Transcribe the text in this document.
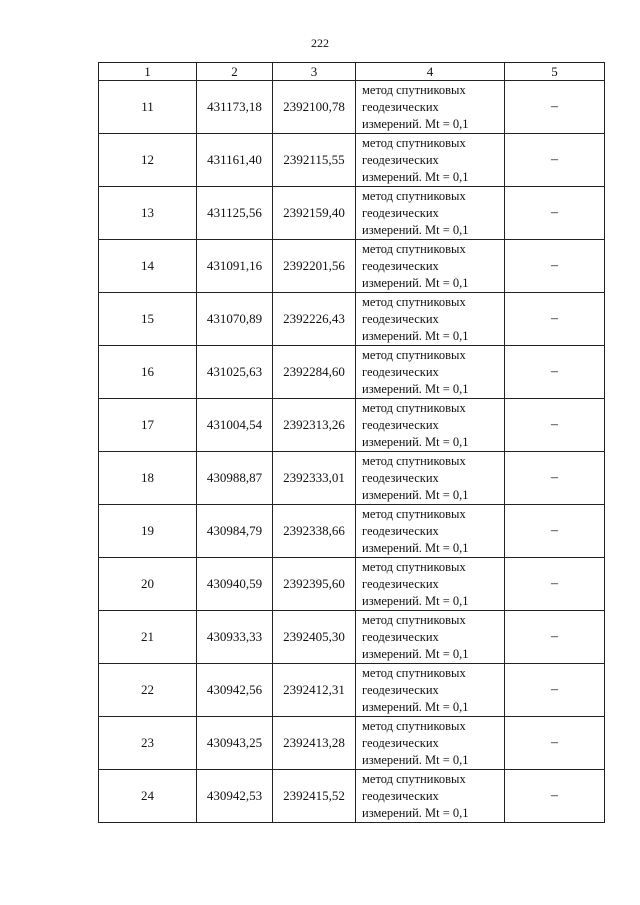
222
1	2	3	4	5
11	431173,18	2392100,78	метод спутниковых
геодезических
измерений. Mt = 0,1	–
12	431161,40	2392115,55	метод спутниковых
геодезических
измерений. Mt = 0,1	–
13	431125,56	2392159,40	метод спутниковых
геодезических
измерений. Mt = 0,1	–
14	431091,16	2392201,56	метод спутниковых
геодезических
измерений. Mt = 0,1	–
15	431070,89	2392226,43	метод спутниковых
геодезических
измерений. Mt = 0,1	–
16	431025,63	2392284,60	метод спутниковых
геодезических
измерений. Mt = 0,1	–
17	431004,54	2392313,26	метод спутниковых
геодезических
измерений. Mt = 0,1	–
18	430988,87	2392333,01	метод спутниковых
геодезических
измерений. Mt = 0,1	–
19	430984,79	2392338,66	метод спутниковых
геодезических
измерений. Mt = 0,1	–
20	430940,59	2392395,60	метод спутниковых
геодезических
измерений. Mt = 0,1	–
21	430933,33	2392405,30	метод спутниковых
геодезических
измерений. Mt = 0,1	–
22	430942,56	2392412,31	метод спутниковых
геодезических
измерений. Mt = 0,1	–
23	430943,25	2392413,28	метод спутниковых
геодезических
измерений. Mt = 0,1	–
24	430942,53	2392415,52	метод спутниковых
геодезических
измерений. Mt = 0,1	–
